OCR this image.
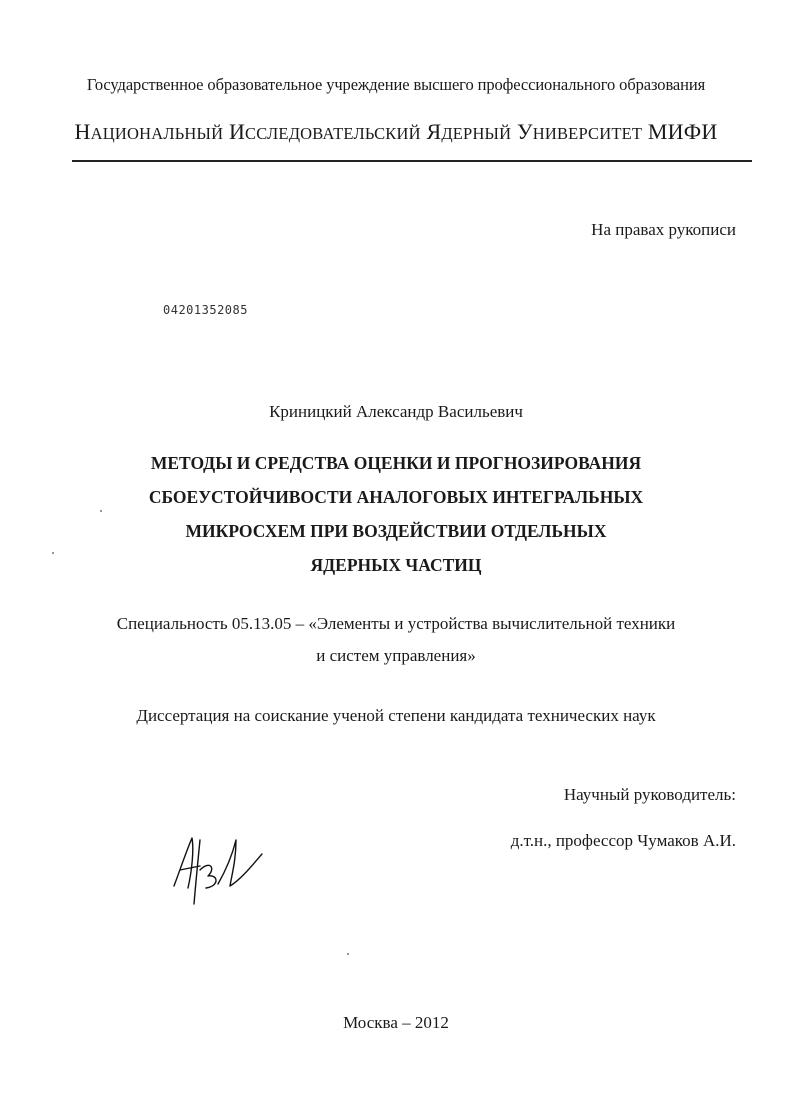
Государственное образовательное учреждение высшего профессионального образования
НАЦИОНАЛЬНЫЙ ИССЛЕДОВАТЕЛЬСКИЙ ЯДЕРНЫЙ УНИВЕРСИТЕТ МИФИ
На правах рукописи
04201352085
Криницкий Александр Васильевич
МЕТОДЫ И СРЕДСТВА ОЦЕНКИ И ПРОГНОЗИРОВАНИЯ
СБОЕУСТОЙЧИВОСТИ АНАЛОГОВЫХ ИНТЕГРАЛЬНЫХ
МИКРОСХЕМ ПРИ ВОЗДЕЙСТВИИ ОТДЕЛЬНЫХ
ЯДЕРНЫХ ЧАСТИЦ
Специальность 05.13.05 – «Элементы и устройства вычислительной техники
и систем управления»
Диссертация на соискание ученой степени кандидата технических наук
Научный руководитель:
д.т.н., профессор Чумаков А.И.
Москва – 2012
